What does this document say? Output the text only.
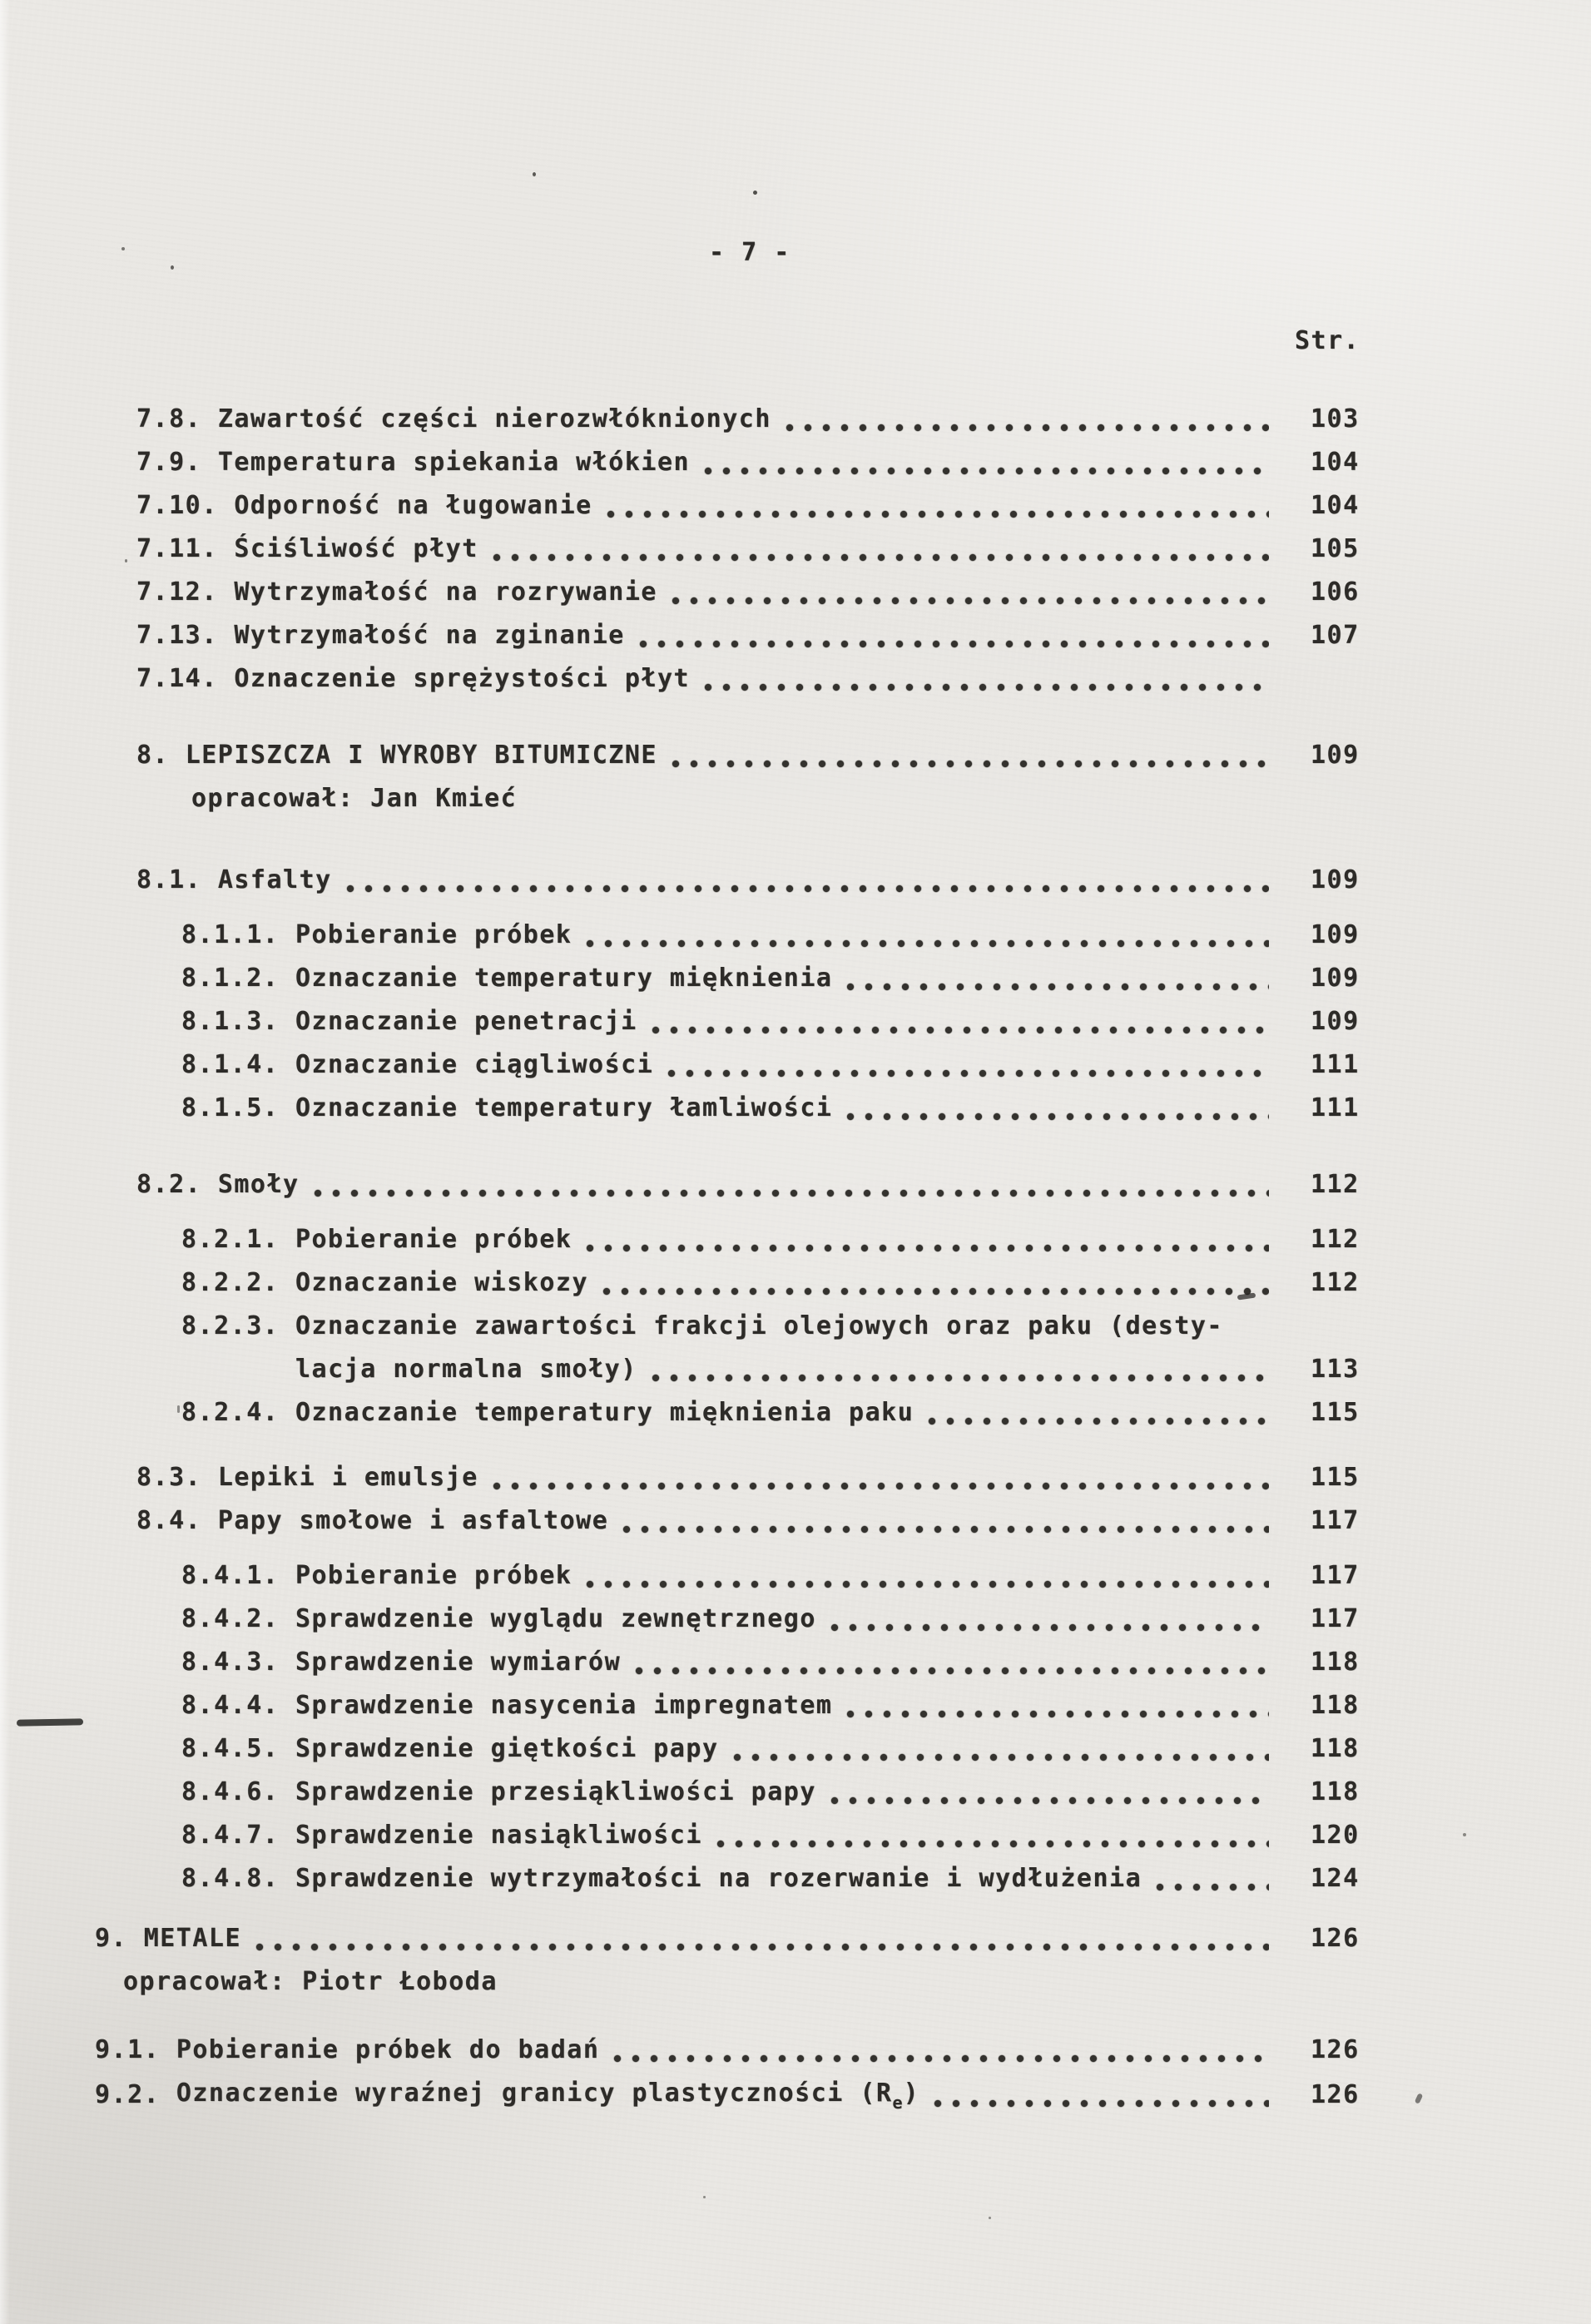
- 7 -
Str.
7.8. Zawartość części nierozwłóknionych	103
7.9. Temperatura spiekania włókien	104
7.10. Odporność na ługowanie	104
7.11. Ściśliwość płyt	105
7.12. Wytrzymałość na rozrywanie	106
7.13. Wytrzymałość na zginanie	107
7.14. Oznaczenie sprężystości płyt
8. LEPISZCZA I WYROBY BITUMICZNE	109
opracował: Jan Kmieć
8.1. Asfalty	109
8.1.1. Pobieranie próbek	109
8.1.2. Oznaczanie temperatury mięknienia	109
8.1.3. Oznaczanie penetracji	109
8.1.4. Oznaczanie ciągliwości	111
8.1.5. Oznaczanie temperatury łamliwości	111
8.2. Smoły	112
8.2.1. Pobieranie próbek	112
8.2.2. Oznaczanie wiskozy	112
8.2.3. Oznaczanie zawartości frakcji olejowych oraz paku (desty-
lacja normalna smoły)	113
8.2.4. Oznaczanie temperatury mięknienia paku	115
8.3. Lepiki i emulsje	115
8.4. Papy smołowe i asfaltowe	117
8.4.1. Pobieranie próbek	117
8.4.2. Sprawdzenie wyglądu zewnętrznego	117
8.4.3. Sprawdzenie wymiarów	118
8.4.4. Sprawdzenie nasycenia impregnatem	118
8.4.5. Sprawdzenie giętkości papy	118
8.4.6. Sprawdzenie przesiąkliwości papy	118
8.4.7. Sprawdzenie nasiąkliwości	120
8.4.8. Sprawdzenie wytrzymałości na rozerwanie i wydłużenia	124
9. METALE	126
opracował: Piotr Łoboda
9.1. Pobieranie próbek do badań	126
9.2. Oznaczenie wyraźnej granicy plastyczności $(R_e)$	126
